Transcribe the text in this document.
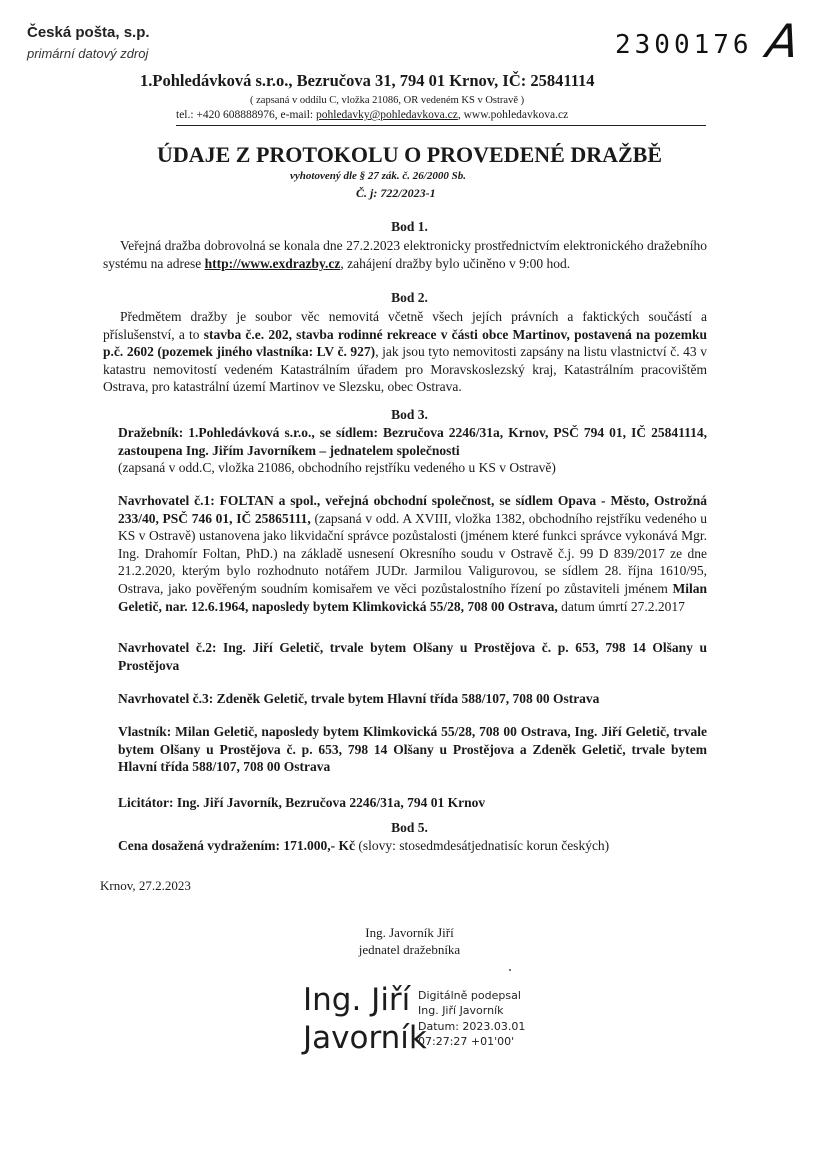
Česká pošta, s.p.
primární datový zdroj	2300176 A
1.Pohledávková s.r.o., Bezručova 31, 794 01 Krnov, IČ: 25841114
( zapsaná v oddílu C, vložka 21086, OR vedeném KS v Ostravě )
tel.: +420 608888976, e-mail: pohledavky@pohledavkova.cz, www.pohledavkova.cz
ÚDAJE Z PROTOKOLU O PROVEDENÉ DRAŽBĚ
vyhotovený dle § 27 zák. č. 26/2000 Sb.
Č. j: 722/2023-1
Bod 1.
Veřejná dražba dobrovolná se konala dne 27.2.2023 elektronicky prostřednictvím elektronického dražebního systému na adrese http://www.exdrazby.cz, zahájení dražby bylo učiněno v 9:00 hod.
Bod 2.
Předmětem dražby je soubor věc nemovitá včetně všech jejích právních a faktických součástí a příslušenství, a to stavba č.e. 202, stavba rodinné rekreace v části obce Martinov, postavená na pozemku p.č. 2602 (pozemek jiného vlastníka: LV č. 927), jak jsou tyto nemovitosti zapsány na listu vlastnictví č. 43 v katastru nemovitostí vedeném Katastrálním úřadem pro Moravskoslezský kraj, Katastrálním pracovištěm Ostrava, pro katastrální území Martinov ve Slezsku, obec Ostrava.
Bod 3.
Dražebník: 1.Pohledávková s.r.o., se sídlem: Bezručova 2246/31a, Krnov, PSČ 794 01, IČ 25841114, zastoupena Ing. Jiřím Javorníkem – jednatelem společnosti
(zapsaná v odd.C, vložka 21086, obchodního rejstříku vedeného u KS v Ostravě)
Navrhovatel č.1: FOLTAN a spol., veřejná obchodní společnost, se sídlem Opava - Město, Ostrožná 233/40, PSČ 746 01, IČ 25865111, (zapsaná v odd. A XVIII, vložka 1382, obchodního rejstříku vedeného u KS v Ostravě) ustanovena jako likvidační správce pozůstalosti (jménem které funkci správce vykonává Mgr. Ing. Drahomír Foltan, PhD.) na základě usnesení Okresního soudu v Ostravě č.j. 99 D 839/2017 ze dne 21.2.2020, kterým bylo rozhodnuto notářem JUDr. Jarmilou Valigurovou, se sídlem 28. října 1610/95, Ostrava, jako pověřeným soudním komisařem ve věci pozůstalostního řízení po zůstaviteli jménem Milan Geletič, nar. 12.6.1964, naposledy bytem Klimkovická 55/28, 708 00 Ostrava, datum úmrtí 27.2.2017
Navrhovatel č.2: Ing. Jiří Geletič, trvale bytem Olšany u Prostějova č. p. 653, 798 14 Olšany u Prostějova
Navrhovatel č.3: Zdeněk Geletič, trvale bytem Hlavní třída 588/107, 708 00 Ostrava
Vlastník: Milan Geletič, naposledy bytem Klimkovická 55/28, 708 00 Ostrava, Ing. Jiří Geletič, trvale bytem Olšany u Prostějova č. p. 653, 798 14 Olšany u Prostějova a Zdeněk Geletič, trvale bytem Hlavní třída 588/107, 708 00 Ostrava
Licitátor: Ing. Jiří Javorník, Bezručova 2246/31a, 794 01 Krnov
Bod 5.
Cena dosažená vydražením: 171.000,- Kč (slovy: stosedmdesátjednatisíc korun českých)
Krnov, 27.2.2023
Ing. Javorník Jiří
jednatel dražebníka
Ing. Jiří
Javorník
Digitálně podepsal
Ing. Jiří Javorník
Datum: 2023.03.01
07:27:27 +01'00'
